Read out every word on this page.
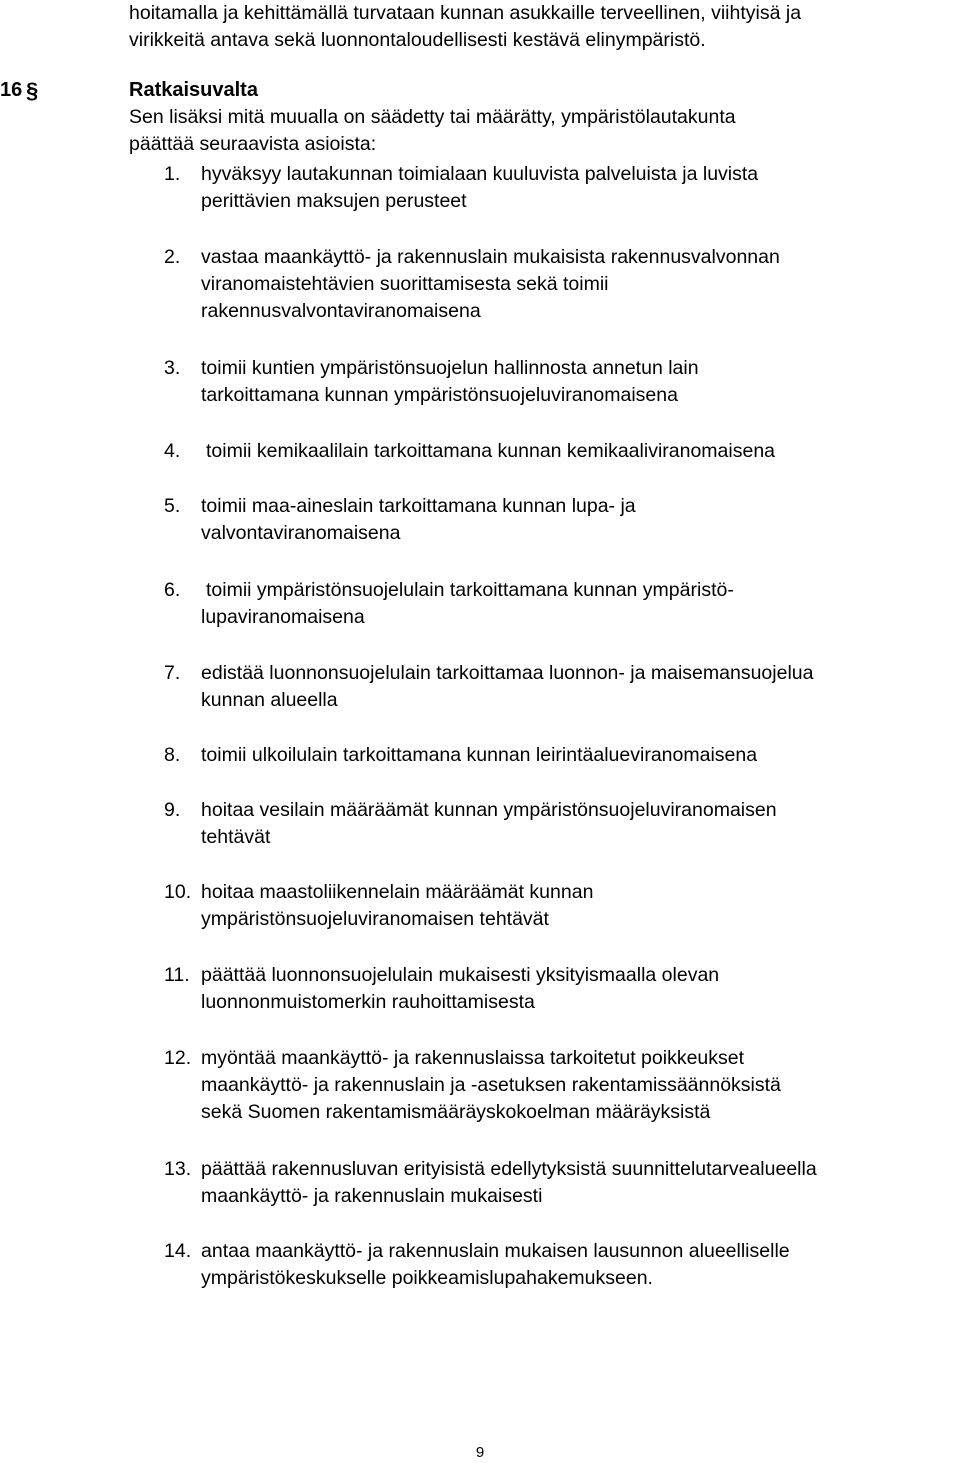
hoitamalla ja kehittämällä turvataan kunnan asukkaille terveellinen, viihtyisä ja
virikkeitä antava sekä luonnontaloudellisesti kestävä elinympäristö.
16 §	Ratkaisuvalta
Sen lisäksi mitä muualla on säädetty tai määrätty, ympäristölautakunta
päättää seuraavista asioista:
1. hyväksyy lautakunnan toimialaan kuuluvista palveluista ja luvista
perittävien maksujen perusteet
2. vastaa maankäyttö- ja rakennuslain mukaisista rakennusvalvonnan
viranomaistehtävien suorittamisesta sekä toimii
rakennusvalvontaviranomaisena
3. toimii kuntien ympäristönsuojelun hallinnosta annetun lain
tarkoittamana kunnan ympäristönsuojeluviranomaisena
4. toimii kemikaalilain tarkoittamana kunnan kemikaaliviranomaisena
5. toimii maa-aineslain tarkoittamana kunnan lupa- ja
valvontaviranomaisena
6. toimii ympäristönsuojelulain tarkoittamana kunnan ympäristö-
lupaviranomaisena
7. edistää luonnonsuojelulain tarkoittamaa luonnon- ja maisemansuojelua
kunnan alueella
8. toimii ulkoilulain tarkoittamana kunnan leirintäalueviranomaisena
9. hoitaa vesilain määräämät kunnan ympäristönsuojeluviranomaisen
tehtävät
10. hoitaa maastoliikennelain määräämät kunnan
ympäristönsuojeluviranomaisen tehtävät
11. päättää luonnonsuojelulain mukaisesti yksityismaalla olevan
luonnonmuistomerkin rauhoittamisesta
12. myöntää maankäyttö- ja rakennuslaissa tarkoitetut poikkeukset
maankäyttö- ja rakennuslain ja -asetuksen rakentamissäännöksistä
sekä Suomen rakentamismääräyskokoelman määräyksistä
13. päättää rakennusluvan erityisistä edellytyksistä suunnittelutarvealueella
maankäyttö- ja rakennuslain mukaisesti
14. antaa maankäyttö- ja rakennuslain mukaisen lausunnon alueelliselle
ympäristökeskukselle poikkeamislupahakemukseen.
9
